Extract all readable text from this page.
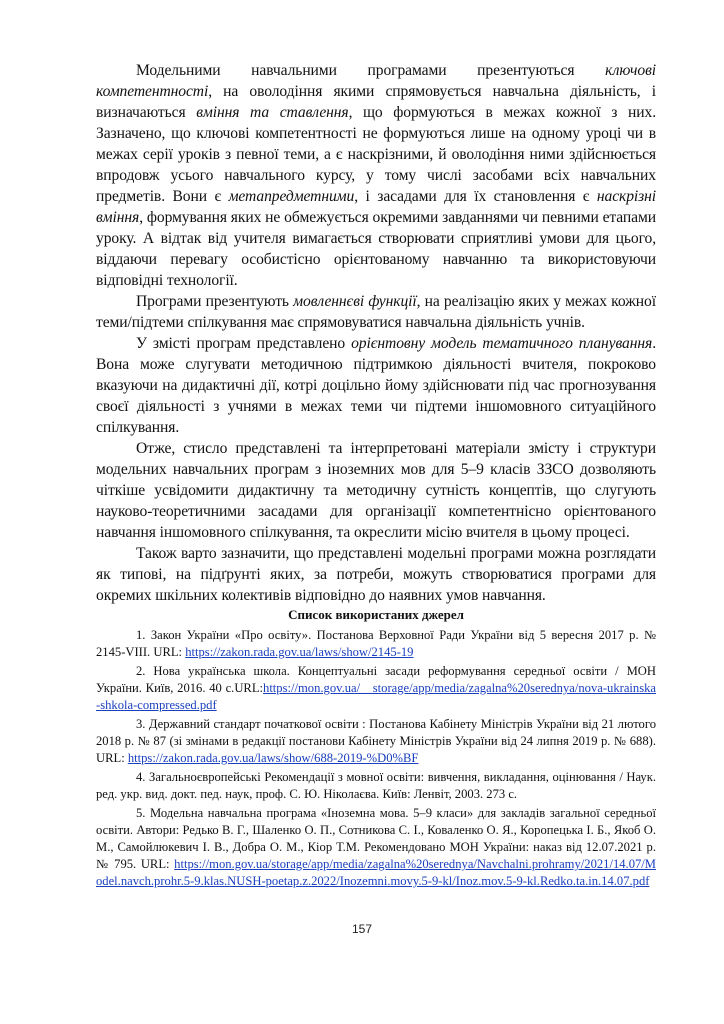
Модельними навчальними програмами презентуються ключові компетентності, на оволодіння якими спрямовується навчальна діяльність, і визначаються вміння та ставлення, що формуються в межах кожної з них. Зазначено, що ключові компетентності не формуються лише на одному уроці чи в межах серії уроків з певної теми, а є наскрізними, й оволодіння ними здійснюється впродовж усього навчального курсу, у тому числі засобами всіх навчальних предметів. Вони є метапредметними, і засадами для їх становлення є наскрізні вміння, формування яких не обмежується окремими завданнями чи певними етапами уроку. А відтак від учителя вимагається створювати сприятливі умови для цього, віддаючи перевагу особистісно орієнтованому навчанню та використовуючи відповідні технології.

Програми презентують мовленнєві функції, на реалізацію яких у межах кожної теми/підтеми спілкування має спрямовуватися навчальна діяльність учнів.

У змісті програм представлено орієнтовну модель тематичного планування. Вона може слугувати методичною підтримкою діяльності вчителя, покроково вказуючи на дидактичні дії, котрі доцільно йому здійснювати під час прогнозування своєї діяльності з учнями в межах теми чи підтеми іншомовного ситуаційного спілкування.

Отже, стисло представлені та інтерпретовані матеріали змісту і структури модельних навчальних програм з іноземних мов для 5–9 класів ЗЗСО дозволяють чіткіше усвідомити дидактичну та методичну сутність концептів, що слугують науково-теоретичними засадами для організації компетентнісно орієнтованого навчання іншомовного спілкування, та окреслити місію вчителя в цьому процесі.

Також варто зазначити, що представлені модельні програми можна розглядати як типові, на підґрунті яких, за потреби, можуть створюватися програми для окремих шкільних колективів відповідно до наявних умов навчання.

Список використаних джерел

1. Закон України «Про освіту». Постанова Верховної Ради України від 5 вересня 2017 р. № 2145-VIII. URL: https://zakon.rada.gov.ua/laws/show/2145-19

2. Нова українська школа. Концептуальні засади реформування середньої освіти / МОН України. Київ, 2016. 40 с.URL:https://mon.gov.ua/__storage/app/media/zagalna%20serednya/nova-ukrainska-shkola-compressed.pdf

3. Державний стандарт початкової освіти : Постанова Кабінету Міністрів України від 21 лютого 2018 р. № 87 (зі змінами в редакції постанови Кабінету Міністрів України від 24 липня 2019 р. № 688). URL: https://zakon.rada.gov.ua/laws/show/688-2019-%D0%BF

4. Загальноєвропейські Рекомендації з мовної освіти: вивчення, викладання, оцінювання / Наук. ред. укр. вид. докт. пед. наук, проф. С. Ю. Ніколаєва. Київ: Ленвіт, 2003. 273 с.

5. Модельна навчальна програма «Іноземна мова. 5–9 класи» для закладів загальної середньої освіти. Автори: Редько В. Г., Шаленко О. П., Сотникова С. І., Коваленко О. Я., Коропецька І. Б., Якоб О. М., Самойлюкевич І. В., Добра О. М., Кіор Т.М. Рекомендовано МОН України: наказ від 12.07.2021 р. № 795. URL: https://mon.gov.ua/storage/app/media/zagalna%20serednya/Navchalni.prohramy/2021/14.07/Model.navch.prohr.5-9.klas.NUSH-poetap.z.2022/Inozemni.movy.5-9-kl/Inoz.mov.5-9-kl.Redko.ta.in.14.07.pdf

157
